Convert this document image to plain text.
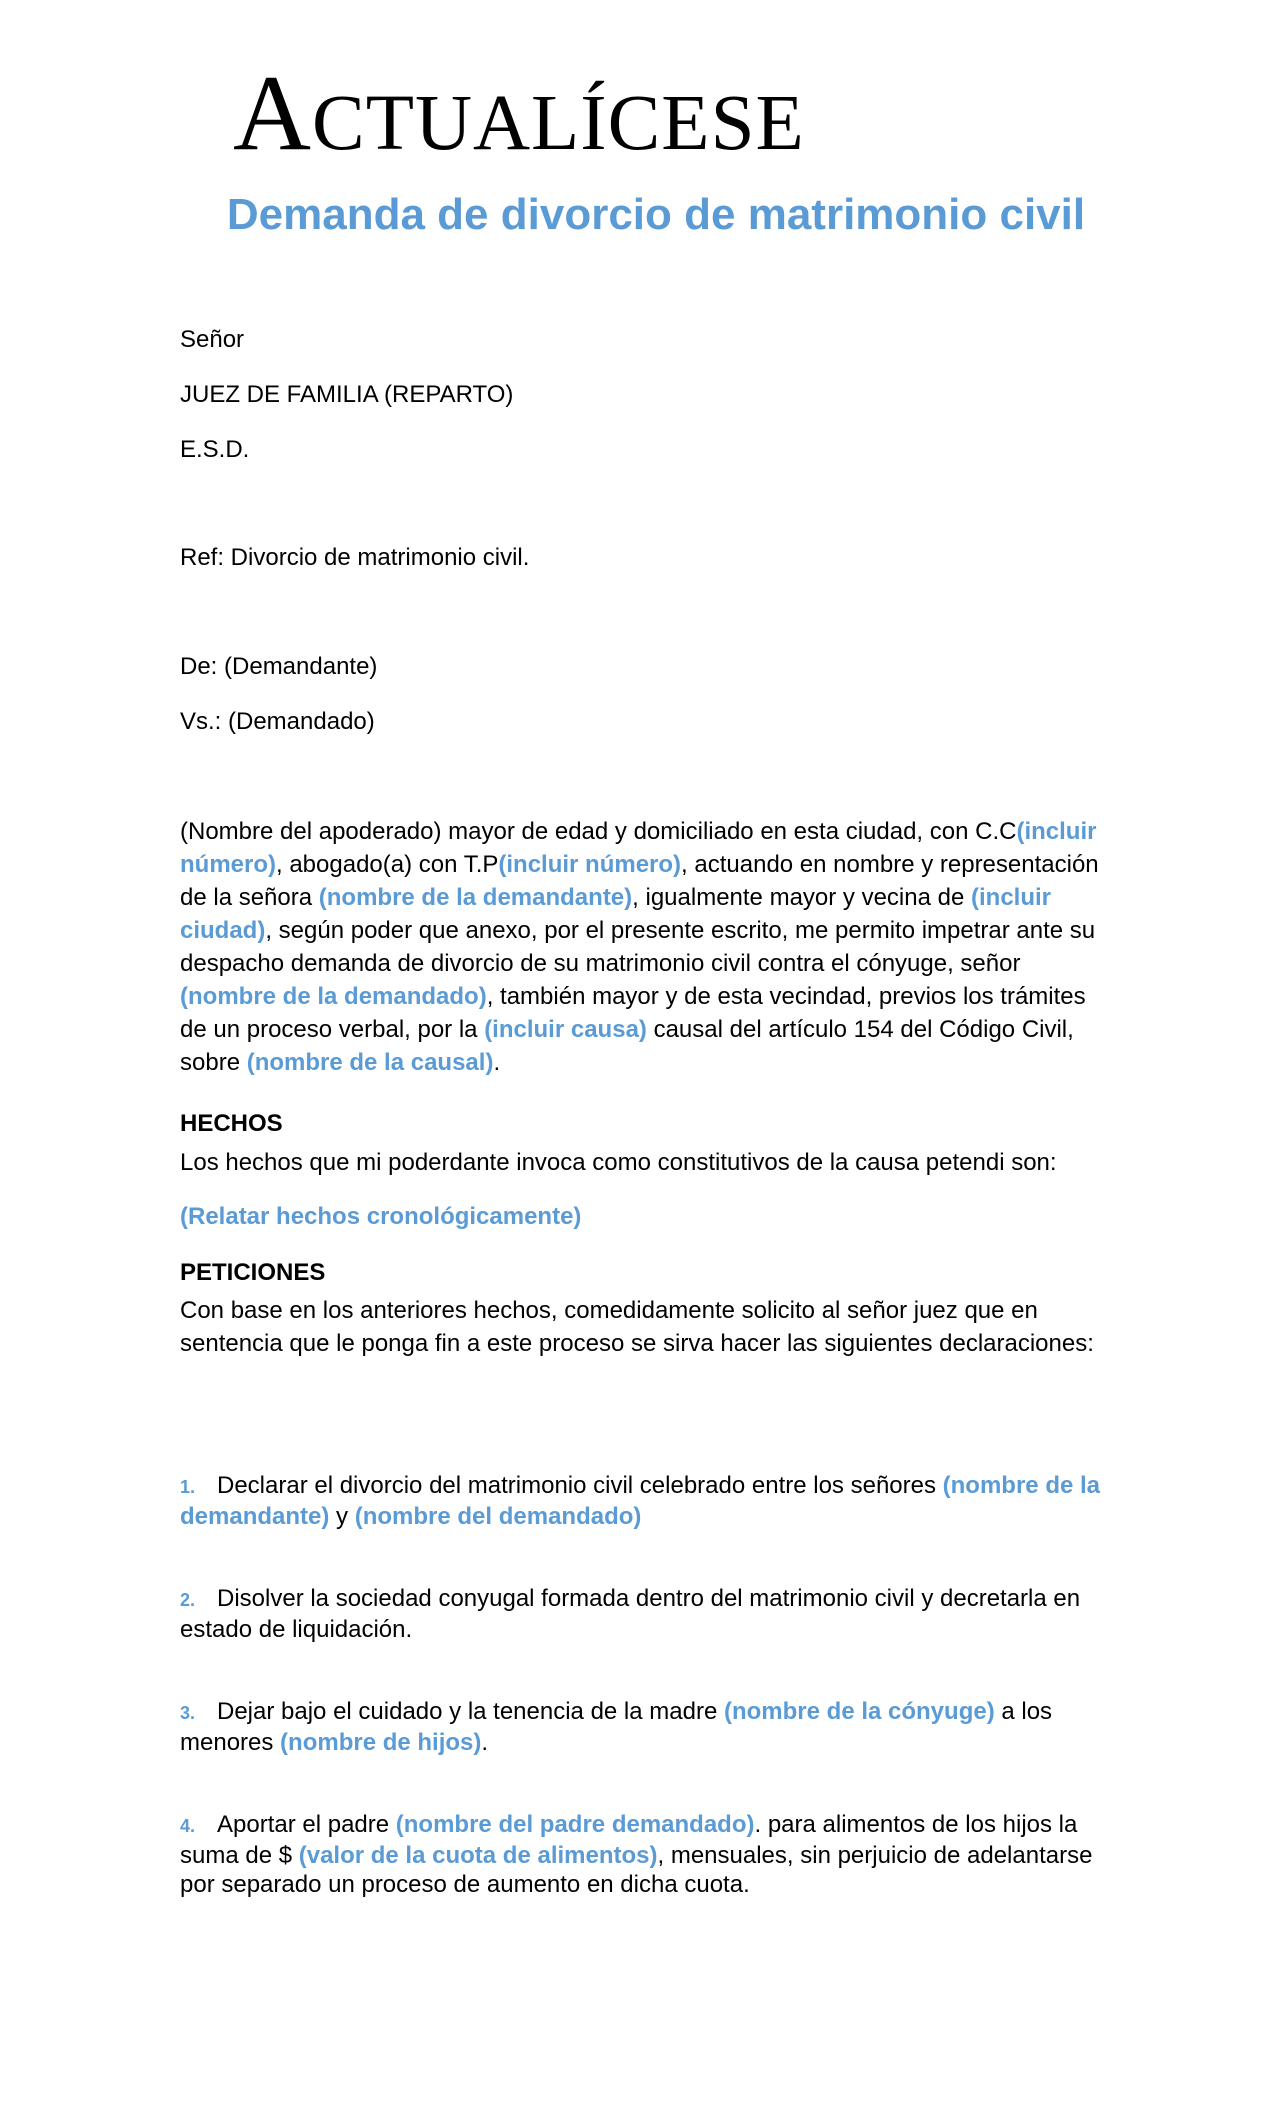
ACTUALÍCESE
Demanda de divorcio de matrimonio civil
Señor
JUEZ DE FAMILIA (REPARTO)
E.S.D.
Ref: Divorcio de matrimonio civil.
De: (Demandante)
Vs.: (Demandado)
(Nombre del apoderado) mayor de edad y domiciliado en esta ciudad, con C.C(incluir número), abogado(a) con T.P(incluir número), actuando en nombre y representación de la señora (nombre de la demandante), igualmente mayor y vecina de (incluir ciudad), según poder que anexo, por el presente escrito, me permito impetrar ante su despacho demanda de divorcio de su matrimonio civil contra el cónyuge, señor (nombre de la demandado), también mayor y de esta vecindad, previos los trámites de un proceso verbal, por la (incluir causa) causal del artículo 154 del Código Civil, sobre (nombre de la causal).
HECHOS
Los hechos que mi poderdante invoca como constitutivos de la causa petendi son:
(Relatar hechos cronológicamente)
PETICIONES
Con base en los anteriores hechos, comedidamente solicito al señor juez que en sentencia que le ponga fin a este proceso se sirva hacer las siguientes declaraciones:
1. Declarar el divorcio del matrimonio civil celebrado entre los señores (nombre de la demandante) y (nombre del demandado)
2. Disolver la sociedad conyugal formada dentro del matrimonio civil y decretarla en estado de liquidación.
3. Dejar bajo el cuidado y la tenencia de la madre (nombre de la cónyuge) a los menores (nombre de hijos).
4. Aportar el padre (nombre del padre demandado). para alimentos de los hijos la suma de $ (valor de la cuota de alimentos), mensuales, sin perjuicio de adelantarse por separado un proceso de aumento en dicha cuota.
